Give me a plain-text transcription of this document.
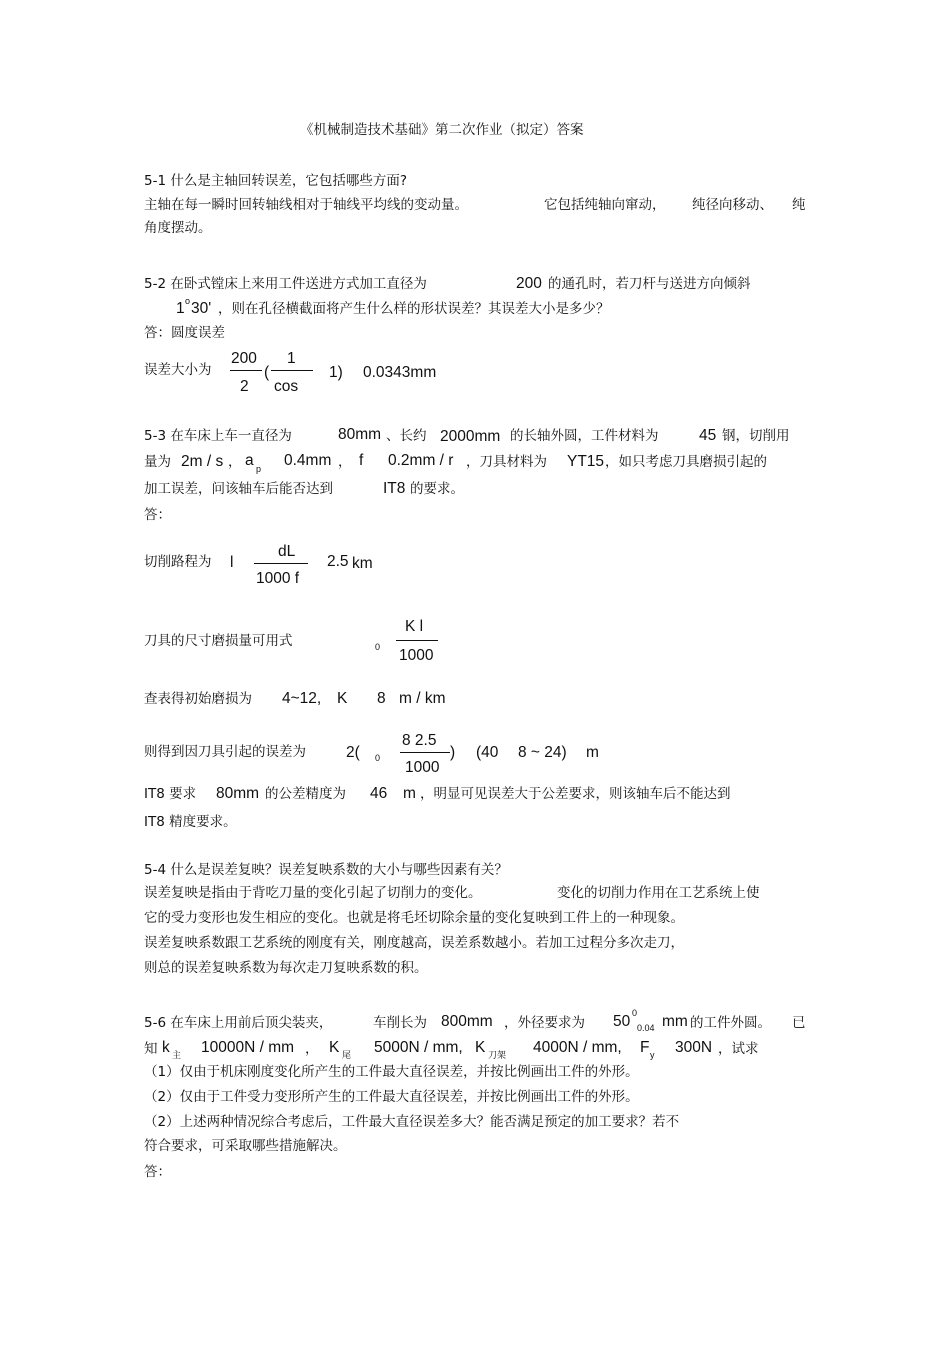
《机械制造技术基础》第二次作业（拟定）答案
5-1 什么是主轴回转误差，它包括哪些方面?
主轴在每一瞬时回转轴线相对于轴线平均线的变动量。	它包括纯轴向窜动， 纯径向移动、 纯
角度摆动。
5-2 在卧式镗床上来用工件送进方式加工直径为	200 的通孔时，若刀杆与送进方向倾斜
1 o 30' ，则在孔径横截面将产生什么样的形状误差？其误差大小是多少？
答：圆度误差
误差大小为
200
2
(
1
cos
1) 0.0343mm
5-3 在车床上车一直径为	80mm 、长约 2000mm 的长轴外圆，工件材料为	45 钢，切削用
量为 2m / s ， a p 0.4mm ， f 0.2mm / r ，刀具材料为 YT15 ，如只考虑刀具磨损引起的
加工误差，问该轴车后能否达到	IT8 的要求。
答：
切削路程为 l
dL
1000 f
2.5 km
刀具的尺寸磨损量可用式	0
K l
1000
查表得初始磨损为 4~12, K 8 m / km
则得到因刀具引起的误差为	2( 0
8 2.5
1000
) (40 8 ~ 24) m
IT8 要求 80mm 的公差精度为 46 m ，明显可见误差大于公差要求，则该轴车后不能达到
IT8 精度要求。
5-4 什么是误差复映？误差复映系数的大小与哪些因素有关？
误差复映是指由于背吃刀量的变化引起了切削力的变化。	变化的切削力作用在工艺系统上使
它的受力变形也发生相应的变化。也就是将毛坯切除余量的变化复映到工件上的一种现象。
误差复映系数跟工艺系统的刚度有关，刚度越高，误差系数越小。若加工过程分多次走刀，
则总的误差复映系数为每次走刀复映系数的积。
5-6 在车床上用前后顶尖装夹，	车削长为 800mm ，外径要求为 50 0
0.04 mm 的工件外圆。 已
知 k 主 10000N / mm ， K 尾 5000N / mm, K 刀架 4000N / mm, F y 300N ，试求
（1）仅由于机床刚度变化所产生的工件最大直径误差，并按比例画出工件的外形。
（2）仅由于工件受力变形所产生的工件最大直径误差，并按比例画出工件的外形。
（2）上述两种情况综合考虑后，工件最大直径误差多大？能否满足预定的加工要求？若不
符合要求，可采取哪些措施解决。
答：
